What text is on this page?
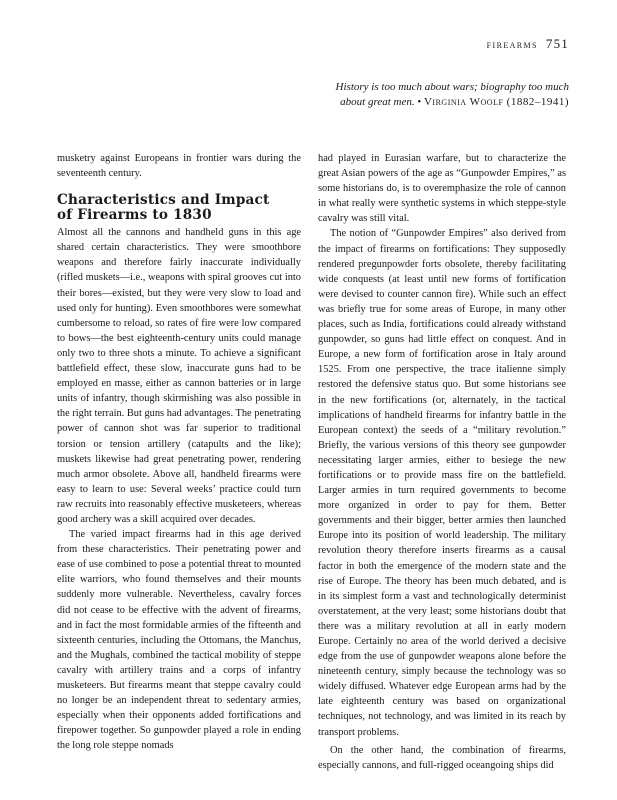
firearms 751
History is too much about wars; biography too much
about great men. • Virginia Woolf (1882–1941)

musketry against Europeans in frontier wars during the seventeenth century.

Characteristics and Impact
of Firearms to 1830

Almost all the cannons and handheld guns in this age shared certain characteristics. They were smoothbore weapons and therefore fairly inaccurate individually (rifled muskets—i.e., weapons with spiral grooves cut into their bores—existed, but they were very slow to load and used only for hunting). Even smoothbores were somewhat cumbersome to reload, so rates of fire were low compared to bows—the best eighteenth-century units could manage only two to three shots a minute. To achieve a significant battlefield effect, these slow, inaccurate guns had to be employed en masse, either as cannon batteries or in large units of infantry, though skirmishing was also possible in the right terrain. But guns had advantages. The penetrating power of cannon shot was far superior to traditional torsion or tension artillery (catapults and the like); muskets likewise had great penetrating power, rendering much armor obsolete. Above all, handheld firearms were easy to learn to use: Several weeks’ practice could turn raw recruits into reasonably effective musketeers, whereas good archery was a skill acquired over decades.

The varied impact firearms had in this age derived from these characteristics. Their penetrating power and ease of use combined to pose a potential threat to mounted elite warriors, who found themselves and their mounts suddenly more vulnerable. Nevertheless, cavalry forces did not cease to be effective with the advent of firearms, and in fact the most formidable armies of the fifteenth and sixteenth centuries, including the Ottomans, the Manchus, and the Mughals, combined the tactical mobility of steppe cavalry with artillery trains and a corps of infantry musketeers. But firearms meant that steppe cavalry could no longer be an independent threat to sedentary armies, especially when their opponents added fortifications and firepower together. So gunpowder played a role in ending the long role steppe nomads

had played in Eurasian warfare, but to characterize the great Asian powers of the age as “Gunpowder Empires,” as some historians do, is to overemphasize the role of cannon in what really were synthetic systems in which steppe-style cavalry was still vital.

The notion of “Gunpowder Empires” also derived from the impact of firearms on fortifications: They supposedly rendered pregunpowder forts obsolete, thereby facilitating wide conquests (at least until new forms of fortification were devised to counter cannon fire). While such an effect was briefly true for some areas of Europe, in many other places, such as India, fortifications could already withstand gunpowder, so guns had little effect on conquest. And in Europe, a new form of fortification arose in Italy around 1525. From one perspective, the trace italienne simply restored the defensive status quo. But some historians see in the new fortifications (or, alternately, in the tactical implications of handheld firearms for infantry battle in the European context) the seeds of a “military revolution.” Briefly, the various versions of this theory see gunpowder necessitating larger armies, either to besiege the new fortifications or to provide mass fire on the battlefield. Larger armies in turn required governments to become more organized in order to pay for them. Better governments and their bigger, better armies then launched Europe into its position of world leadership. The military revolution theory therefore inserts firearms as a causal factor in both the emergence of the modern state and the rise of Europe. The theory has been much debated, and is in its simplest form a vast and technologically determinist overstatement, at the very least; some historians doubt that there was a military revolution at all in early modern Europe. Certainly no area of the world derived a decisive edge from the use of gunpowder weapons alone before the nineteenth century, simply because the technology was so widely diffused. Whatever edge European arms had by the late eighteenth century was based on organizational techniques, not technology, and was limited in its reach by transport problems.

On the other hand, the combination of firearms, especially cannons, and full-rigged oceangoing ships did
